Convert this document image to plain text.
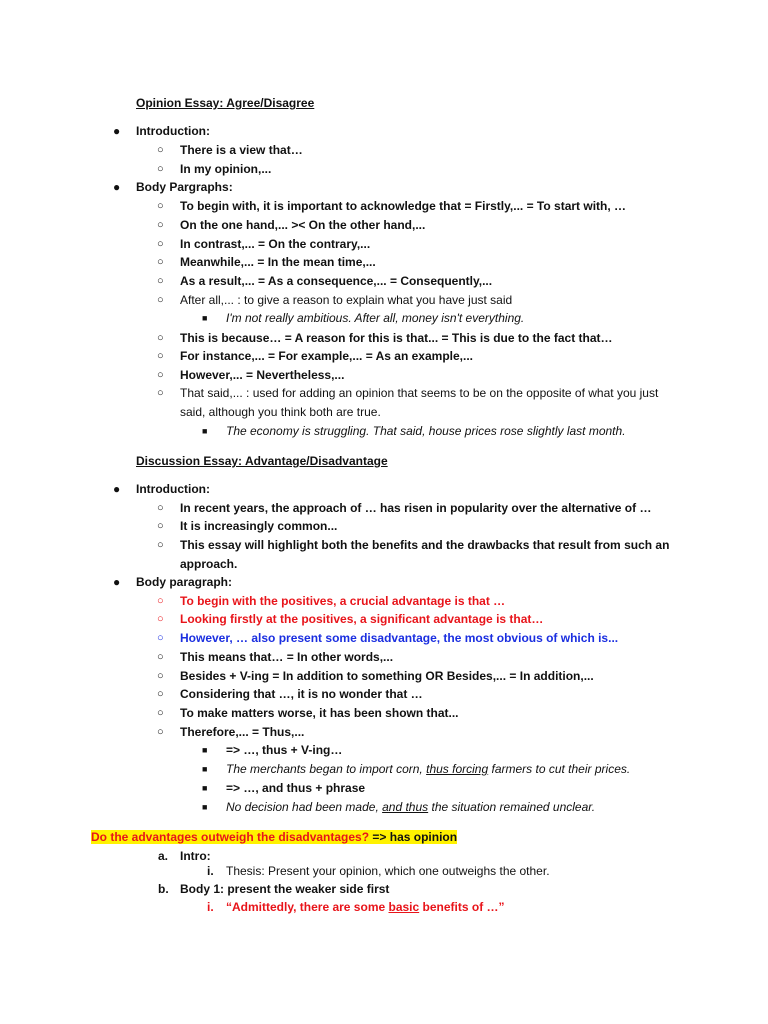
Opinion Essay: Agree/Disagree
● Introduction:
○ There is a view that…
○ In my opinion,...
● Body Pargraphs:
○ To begin with, it is important to acknowledge that = Firstly,... = To start with, …
○ On the one hand,... >< On the other hand,...
○ In contrast,... = On the contrary,...
○ Meanwhile,... = In the mean time,...
○ As a result,... = As a consequence,... = Consequently,...
○ After all,... : to give a reason to explain what you have just said
■ I'm not really ambitious. After all, money isn't everything.
○ This is because… = A reason for this is that... = This is due to the fact that…
○ For instance,... = For example,... = As an example,...
○ However,... = Nevertheless,...
○ That said,... : used for adding an opinion that seems to be on the opposite of what you just said, although you think both are true.
■ The economy is struggling. That said, house prices rose slightly last month.
Discussion Essay: Advantage/Disadvantage
● Introduction:
○ In recent years, the approach of … has risen in popularity over the alternative of …
○ It is increasingly common...
○ This essay will highlight both the benefits and the drawbacks that result from such an approach.
● Body paragraph:
○ To begin with the positives, a crucial advantage is that …
○ Looking firstly at the positives, a significant advantage is that…
○ However, … also present some disadvantage, the most obvious of which is...
○ This means that… = In other words,...
○ Besides + V-ing = In addition to something OR Besides,... = In addition,...
○ Considering that …, it is no wonder that …
○ To make matters worse, it has been shown that...
○ Therefore,... = Thus,...
■ => …, thus + V-ing…
■ The merchants began to import corn, thus forcing farmers to cut their prices.
■ => …, and thus + phrase
■ No decision had been made, and thus the situation remained unclear.
Do the advantages outweigh the disadvantages? => has opinion
a. Intro:
i. Thesis: Present your opinion, which one outweighs the other.
b. Body 1: present the weaker side first
i. “Admittedly, there are some basic benefits of …”
